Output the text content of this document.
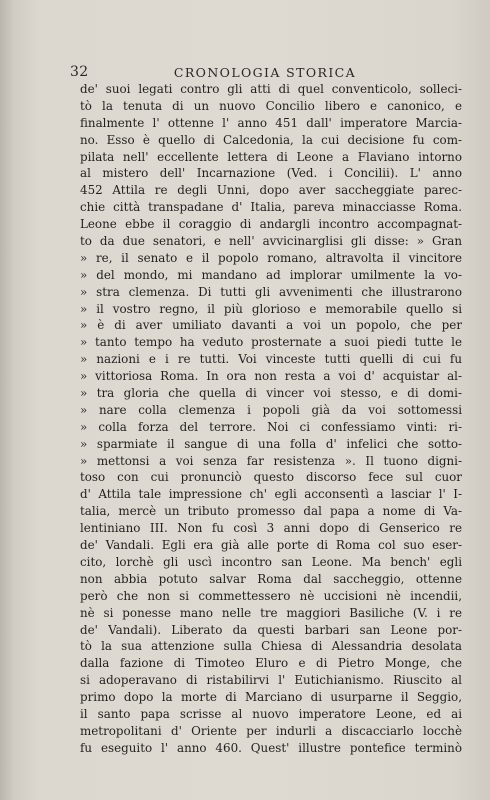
32	CRONOLOGIA STORICA
de' suoi legati contro gli atti di quel conventicolo, solleci-
tò la tenuta di un nuovo Concilio libero e canonico, e
finalmente l' ottenne l' anno 451 dall' imperatore Marcia-
no. Esso è quello di Calcedonia, la cui decisione fu com-
pilata nell' eccellente lettera di Leone a Flaviano intorno
al mistero dell' Incarnazione (Ved. i Concilii). L' anno
452 Attila re degli Unni, dopo aver saccheggiate parec-
chie città transpadane d' Italia, pareva minacciasse Roma.
Leone ebbe il coraggio di andargli incontro accompagnat-
to da due senatori, e nell' avvicinarglisi gli disse: » Gran
» re, il senato e il popolo romano, altravolta il vincitore
» del mondo, mi mandano ad implorar umilmente la vo-
» stra clemenza. Di tutti gli avvenimenti che illustrarono
» il vostro regno, il più glorioso e memorabile quello si
» è di aver umiliato davanti a voi un popolo, che per
» tanto tempo ha veduto prosternate a suoi piedi tutte le
» nazioni e i re tutti. Voi vinceste tutti quelli di cui fu
» vittoriosa Roma. In ora non resta a voi d' acquistar al-
» tra gloria che quella di vincer voi stesso, e di domi-
» nare colla clemenza i popoli già da voi sottomessi
» colla forza del terrore. Noi ci confessiamo vinti: ri-
» sparmiate il sangue di una folla d' infelici che sotto-
» mettonsi a voi senza far resistenza ». Il tuono digni-
toso con cui pronunciò questo discorso fece sul cuor
d' Attila tale impressione ch' egli acconsentì a lasciar l' I-
talia, mercè un tributo promesso dal papa a nome di Va-
lentiniano III. Non fu così 3 anni dopo di Genserico re
de' Vandali. Egli era già alle porte di Roma col suo eser-
cito, lorchè gli uscì incontro san Leone. Ma bench' egli
non abbia potuto salvar Roma dal saccheggio, ottenne
però che non si commettessero nè uccisioni nè incendii,
nè si ponesse mano nelle tre maggiori Basiliche (V. i re
de' Vandali). Liberato da questi barbari san Leone por-
tò la sua attenzione sulla Chiesa di Alessandria desolata
dalla fazione di Timoteo Eluro e di Pietro Monge, che
si adoperavano di ristabilirvi l' Eutichianismo. Riuscito al
primo dopo la morte di Marciano di usurparne il Seggio,
il santo papa scrisse al nuovo imperatore Leone, ed ai
metropolitani d' Oriente per indurli a discacciarlo locchè
fu eseguito l' anno 460. Quest' illustre pontefice terminò
